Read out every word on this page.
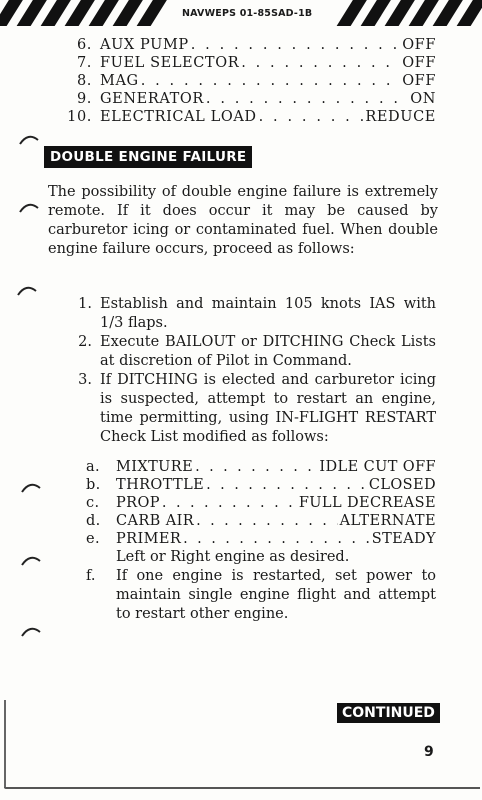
NAVWEPS 01-85SAD-1B
6. AUX PUMP . . .	OFF
7. FUEL SELECTOR . . .	OFF
8. MAG . . .	OFF
9. GENERATOR . . .	ON
10. ELECTRICAL LOAD . . .	REDUCE
DOUBLE ENGINE FAILURE

The possibility of double engine failure is extremely remote. If it does occur it may be caused by carburetor icing or contaminated fuel. When double engine failure occurs, proceed as follows:

1. Establish and maintain 105 knots IAS with 1/3 flaps.
2. Execute BAILOUT or DITCHING Check Lists at discretion of Pilot in Command.
3. If DITCHING is elected and carburetor icing is suspected, attempt to restart an engine, time permitting, using IN-FLIGHT RESTART Check List modified as follows:
a.	MIXTURE . . .	IDLE CUT OFF
b.	THROTTLE . . .	CLOSED
c.	PROP . . .	FULL DECREASE
d.	CARB AIR . . .	ALTERNATE
e.	PRIMER . . .	STEADY
Left or Right engine as desired.
f.	If one engine is restarted, set power to maintain single engine flight and attempt to restart other engine.
CONTINUED
9
